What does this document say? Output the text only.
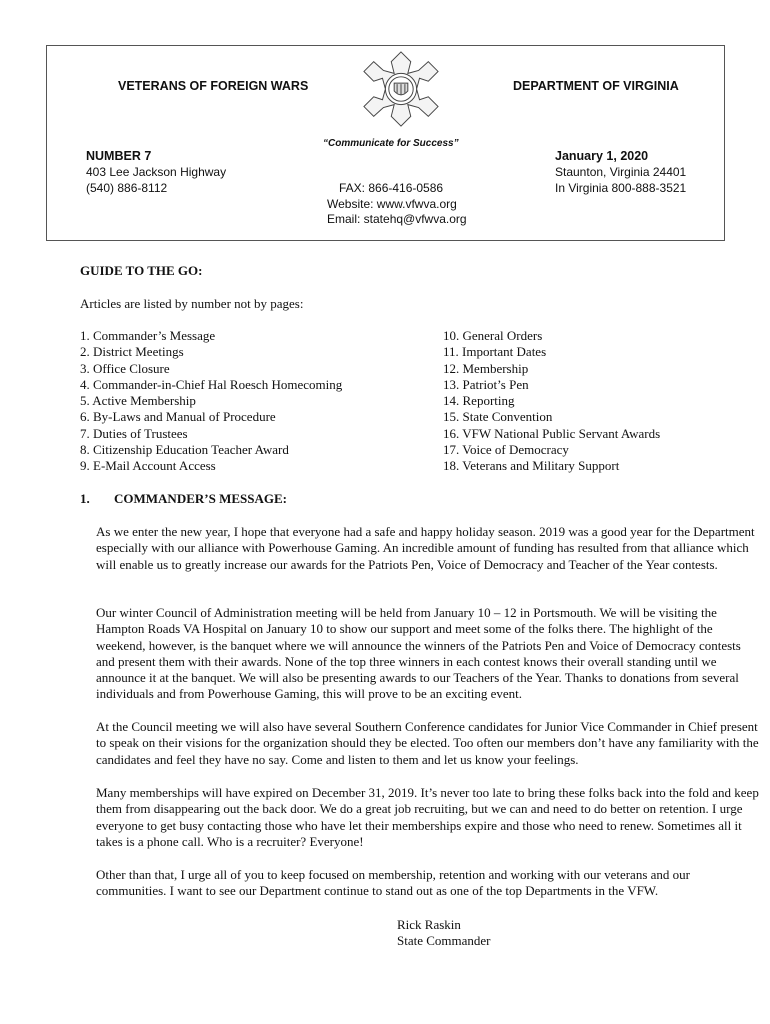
VETERANS OF FOREIGN WARS	DEPARTMENT OF VIRGINIA
“Communicate for Success”
NUMBER 7
403 Lee Jackson Highway
(540) 886-8112	FAX: 866-416-0586
Website: www.vfwva.org
Email: statehq@vfwva.org
January 1, 2020
Staunton, Virginia 24401
In Virginia 800-888-3521
GUIDE TO THE GO:
Articles are listed by number not by pages:
1. Commander’s Message
2. District Meetings
3. Office Closure
4. Commander-in-Chief Hal Roesch Homecoming
5. Active Membership
6. By-Laws and Manual of Procedure
7. Duties of Trustees
8. Citizenship Education Teacher Award
9. E-Mail Account Access
10. General Orders
11. Important Dates
12. Membership
13. Patriot’s Pen
14. Reporting
15. State Convention
16. VFW National Public Servant Awards
17. Voice of Democracy
18. Veterans and Military Support
1. COMMANDER’S MESSAGE:
As we enter the new year, I hope that everyone had a safe and happy holiday season. 2019 was a good year for the Department especially with our alliance with Powerhouse Gaming. An incredible amount of funding has resulted from that alliance which will enable us to greatly increase our awards for the Patriots Pen, Voice of Democracy and Teacher of the Year contests.
Our winter Council of Administration meeting will be held from January 10 – 12 in Portsmouth. We will be visiting the Hampton Roads VA Hospital on January 10 to show our support and meet some of the folks there. The highlight of the weekend, however, is the banquet where we will announce the winners of the Patriots Pen and Voice of Democracy contests and present them with their awards. None of the top three winners in each contest knows their overall standing until we announce it at the banquet. We will also be presenting awards to our Teachers of the Year. Thanks to donations from several individuals and from Powerhouse Gaming, this will prove to be an exciting event.
At the Council meeting we will also have several Southern Conference candidates for Junior Vice Commander in Chief present to speak on their visions for the organization should they be elected. Too often our members don’t have any familiarity with the candidates and feel they have no say. Come and listen to them and let us know your feelings.
Many memberships will have expired on December 31, 2019. It’s never too late to bring these folks back into the fold and keep them from disappearing out the back door. We do a great job recruiting, but we can and need to do better on retention. I urge everyone to get busy contacting those who have let their memberships expire and those who need to renew. Sometimes all it takes is a phone call. Who is a recruiter? Everyone!
Other than that, I urge all of you to keep focused on membership, retention and working with our veterans and our communities. I want to see our Department continue to stand out as one of the top Departments in the VFW.
Rick Raskin
State Commander
